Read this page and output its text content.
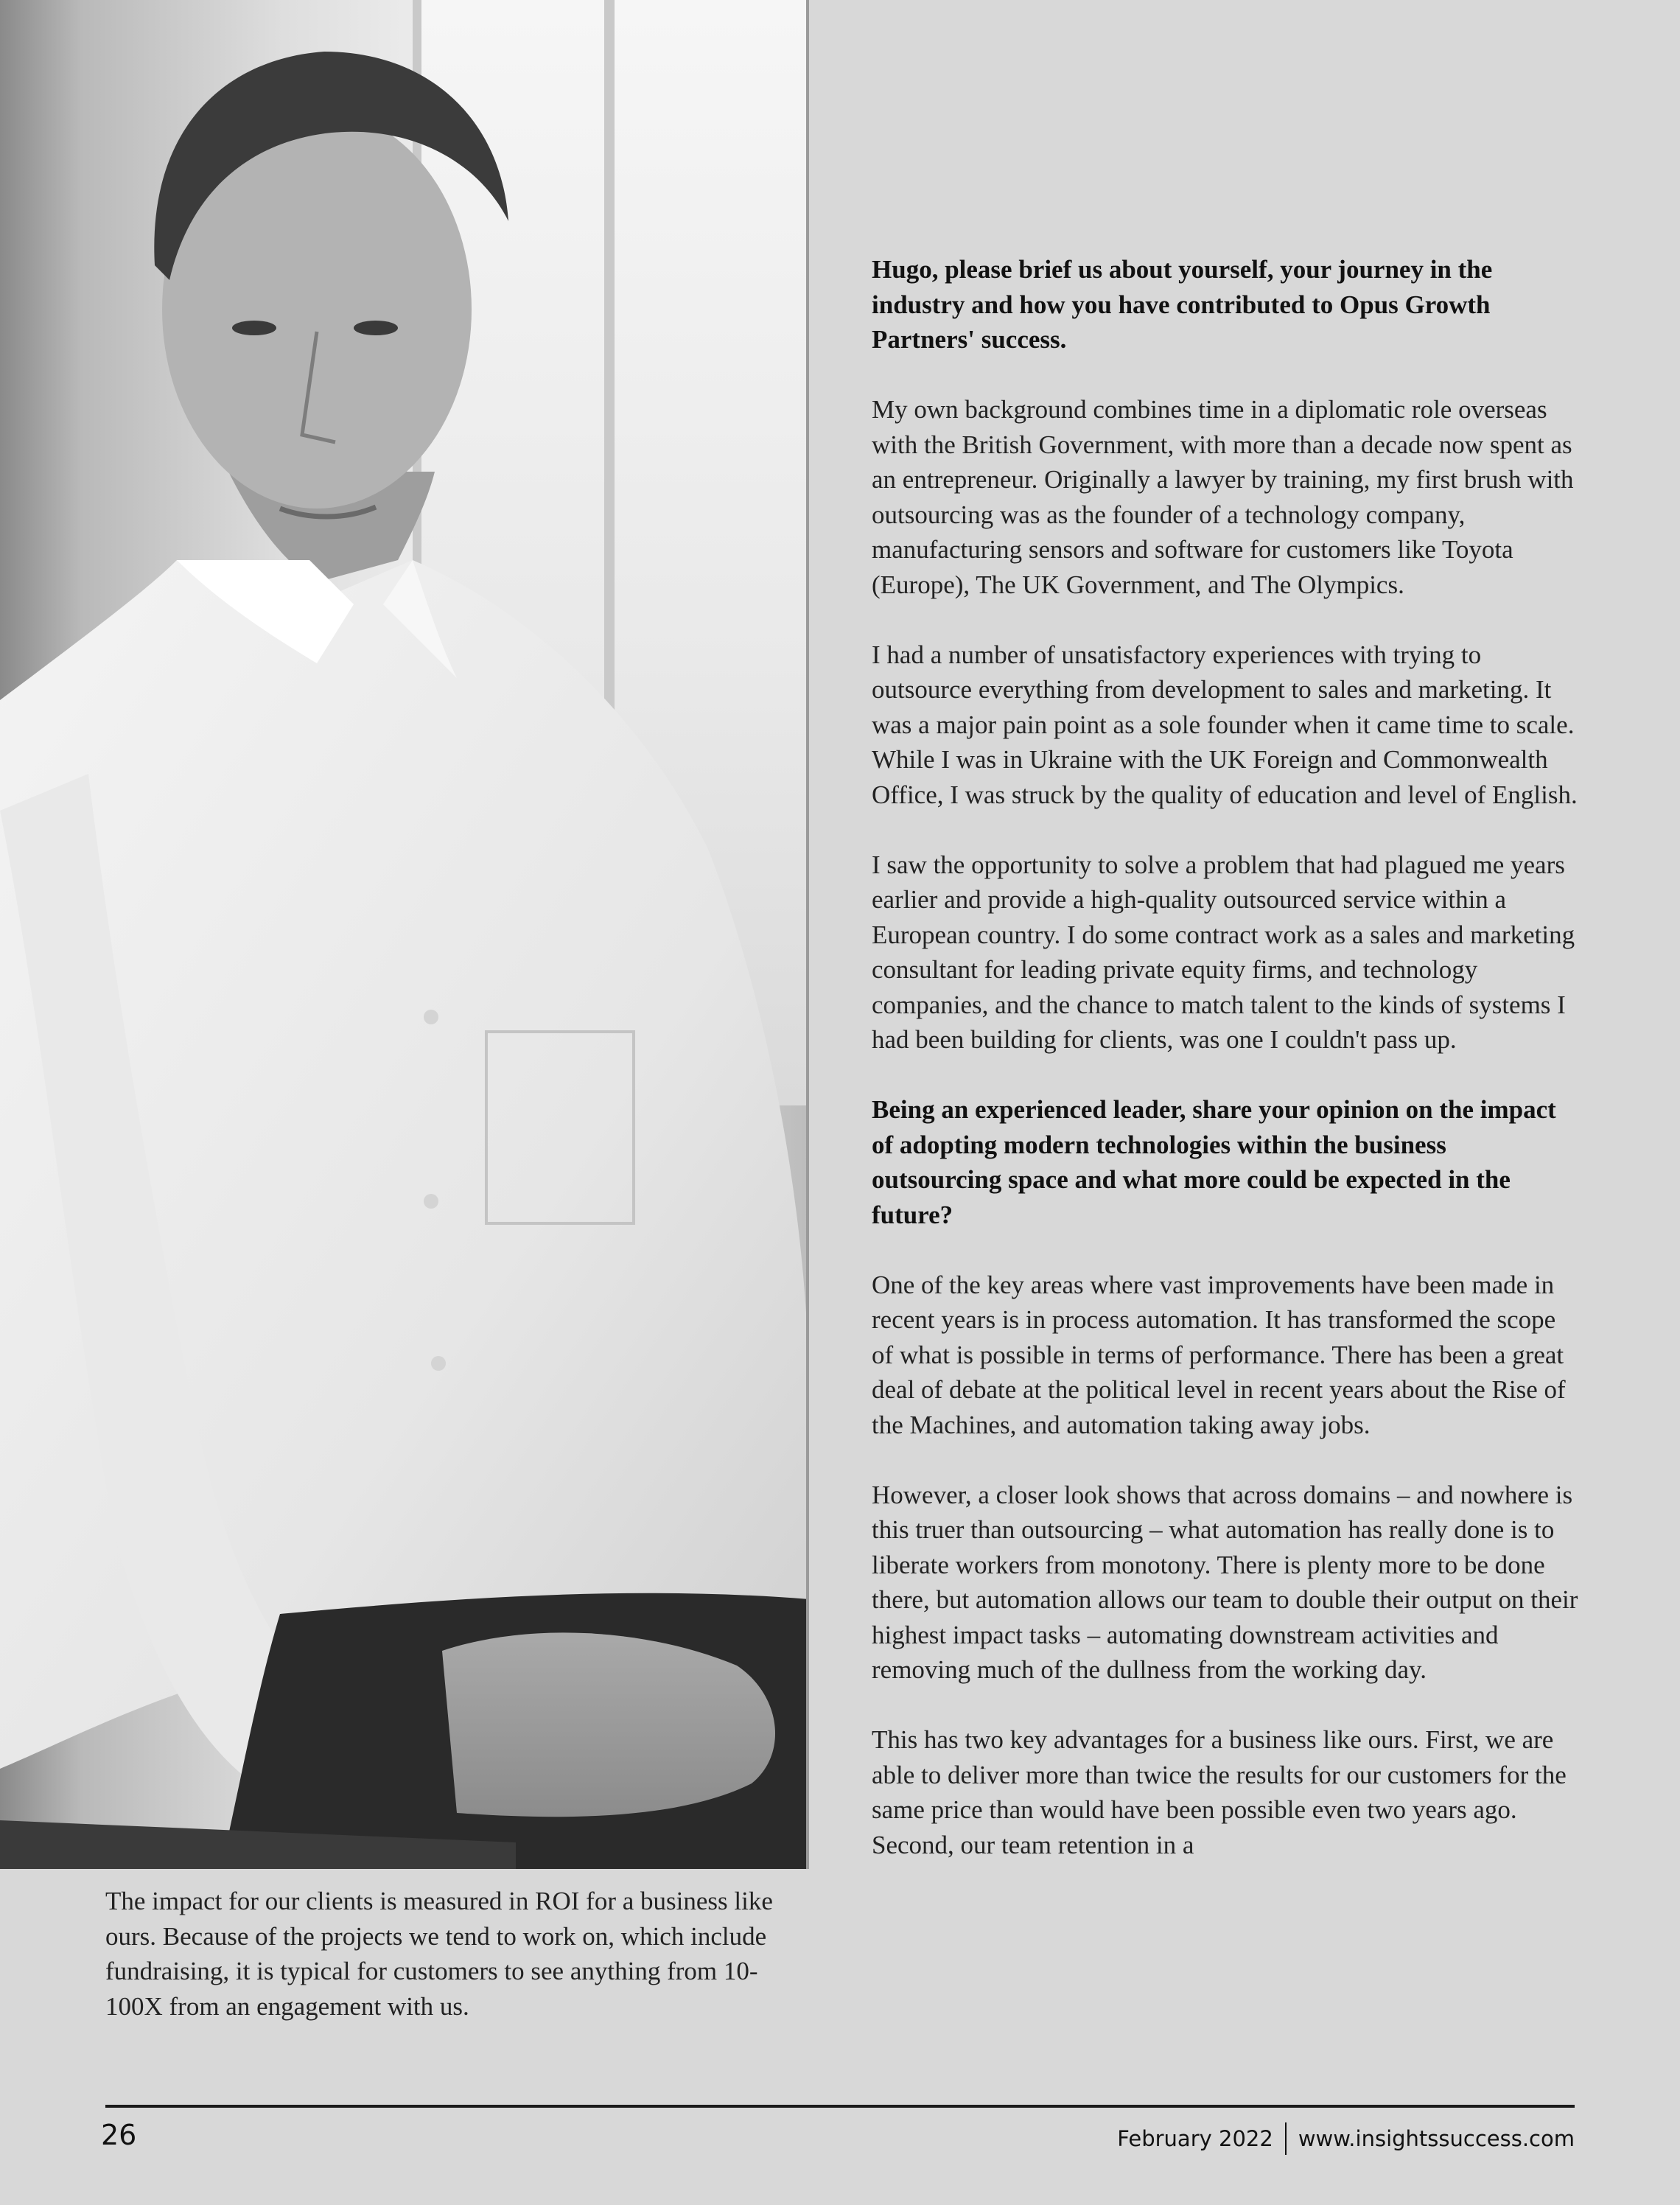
The impact for our clients is measured in ROI for a business like ours. Because of the projects we tend to work on, which include fundraising, it is typical for customers to see anything from 10-100X from an engagement with us.

Hugo, please brief us about yourself, your journey in the industry and how you have contributed to Opus Growth Partners' success.

My own background combines time in a diplomatic role overseas with the British Government, with more than a decade now spent as an entrepreneur. Originally a lawyer by training, my first brush with outsourcing was as the founder of a technology company, manufacturing sensors and software for customers like Toyota (Europe), The UK Government, and The Olympics.

I had a number of unsatisfactory experiences with trying to outsource everything from development to sales and marketing. It was a major pain point as a sole founder when it came time to scale. While I was in Ukraine with the UK Foreign and Commonwealth Office, I was struck by the quality of education and level of English.

I saw the opportunity to solve a problem that had plagued me years earlier and provide a high-quality outsourced service within a European country. I do some contract work as a sales and marketing consultant for leading private equity firms, and technology companies, and the chance to match talent to the kinds of systems I had been building for clients, was one I couldn't pass up.

Being an experienced leader, share your opinion on the impact of adopting modern technologies within the business outsourcing space and what more could be expected in the future?

One of the key areas where vast improvements have been made in recent years is in process automation. It has transformed the scope of what is possible in terms of performance. There has been a great deal of debate at the political level in recent years about the Rise of the Machines, and automation taking away jobs.

However, a closer look shows that across domains – and nowhere is this truer than outsourcing – what automation has really done is to liberate workers from monotony. There is plenty more to be done there, but automation allows our team to double their output on their highest impact tasks – automating downstream activities and removing much of the dullness from the working day.

This has two key advantages for a business like ours. First, we are able to deliver more than twice the results for our customers for the same price than would have been possible even two years ago. Second, our team retention in a

26	February 2022 www.insightssuccess.com
